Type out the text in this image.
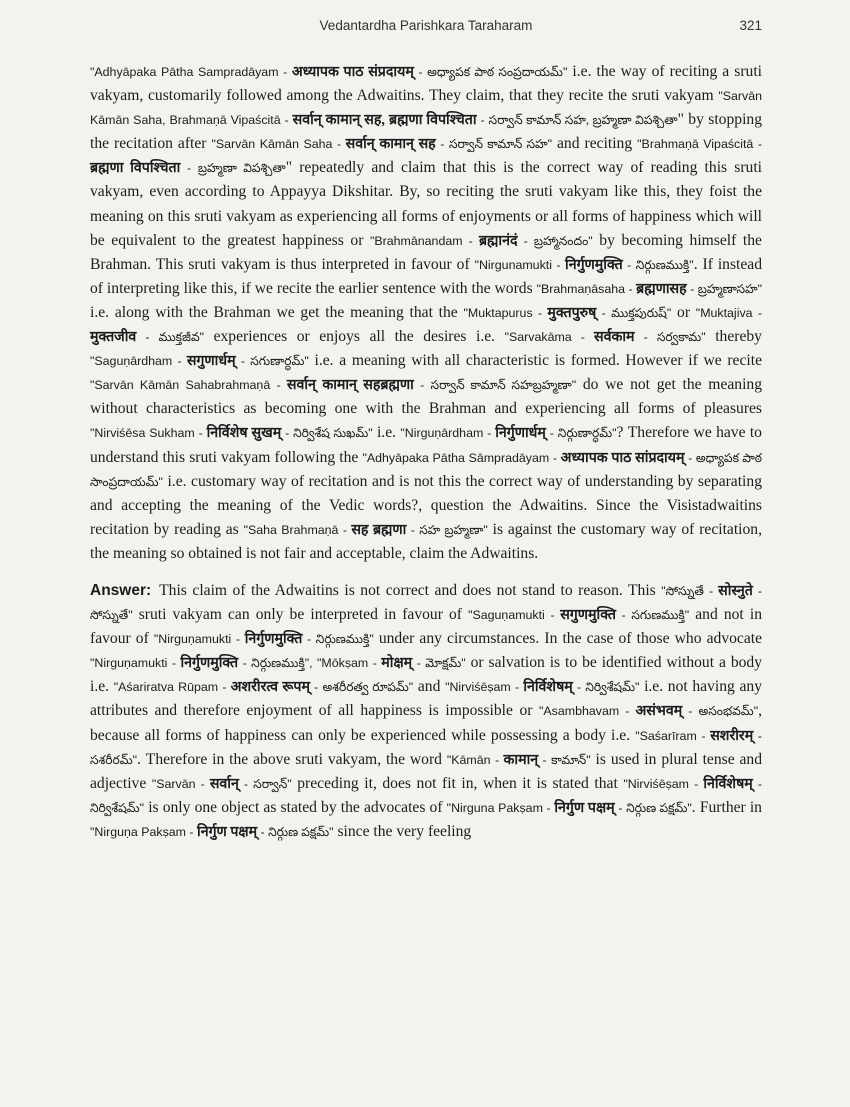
Vedantardha Parishkara Taraharam	321

"Adhyāpaka Pātha Sampradāyam - अध्यापक पाठ संप्रदायम् - అధ్యాపక పాఠ సంప్రదాయమ్" i.e. the way of reciting a sruti vakyam, customarily followed among the Adwaitins. They claim, that they recite the sruti vakyam "Sarvān Kāmān Saha, Brahmaṇā Vipaścitā - सर्वान् कामान् सह, ब्रह्मणा विपश्चिता - సర్వాన్ కామాన్ సహ, బ్రహ్మణా విపశ్చితా" by stopping the recitation after "Sarvān Kāmān Saha - सर्वान् कामान् सह - సర్వాన్ కామాన్ సహ" and reciting "Brahmaṇā Vipaścitā - ब्रह्मणा विपश्चिता - బ్రహ్మణా విపశ్చితా" repeatedly and claim that this is the correct way of reading this sruti vakyam, even according to Appayya Dikshitar. By, so reciting the sruti vakyam like this, they foist the meaning on this sruti vakyam as experiencing all forms of enjoyments or all forms of happiness which will be equivalent to the greatest happiness or "Brahmānandam - ब्रह्मानंदं - బ్రహ్మానందం" by becoming himself the Brahman. This sruti vakyam is thus interpreted in favour of "Nirgunamukti - निर्गुणमुक्ति - నిర్గుణముక్తి". If instead of interpreting like this, if we recite the earlier sentence with the words "Brahmaṇāsaha - ब्रह्मणासह - బ్రహ్మణాసహ" i.e. along with the Brahman we get the meaning that the "Muktapurus - मुक्तपुरुष् - ముక్తపురుష్" or "Muktajiva - मुक्तजीव - ముక్తజీవ" experiences or enjoys all the desires i.e. "Sarvakāma - सर्वकाम - సర్వకామ" thereby "Saguṇārdham - सगुणार्धम् - సగుణార్ధమ్" i.e. a meaning with all characteristic is formed. However if we recite "Sarvān Kāmān Sahabrahmaṇā - सर्वान् कामान् सहब्रह्मणा - సర్వాన్ కామాన్ సహబ్రహ్మణా" do we not get the meaning without characteristics as becoming one with the Brahman and experiencing all forms of pleasures "Nirviśēsa Sukham - निर्विशेष सुखम् - నిర్విశేష సుఖమ్" i.e. "Nirguṇārdham - निर्गुणार्धम् - నిర్గుణార్ధమ్"? Therefore we have to understand this sruti vakyam following the "Adhyāpaka Pātha Sāmpradāyam - अध्यापक पाठ सांप्रदायम् - అధ్యాపక పాఠ సాంప్రదాయమ్" i.e. customary way of recitation and is not this the correct way of understanding by separating and accepting the meaning of the Vedic words?, question the Adwaitins. Since the Visistadwaitins recitation by reading as "Saha Brahmaṇā - सह ब्रह्मणा - సహ బ్రహ్మణా" is against the customary way of recitation, the meaning so obtained is not fair and acceptable, claim the Adwaitins.

Answer: This claim of the Adwaitins is not correct and does not stand to reason. This "సోస్నుతే - सोस्नुते - సోస్నుతే" sruti vakyam can only be interpreted in favour of "Saguṇamukti - सगुणमुक्ति - సగుణముక్తి" and not in favour of "Nirguṇamukti - निर्गुणमुक्ति - నిర్గుణముక్తి" under any circumstances. In the case of those who advocate "Nirguṇamukti - निर्गुणमुक्ति - నిర్గుణముక్తి", "Mōkṣam - मोक्षम् - మోక్షమ్" or salvation is to be identified without a body i.e. "Aśariratva Rūpam - अशरीरत्व रूपम् - అశరీరత్వ రూపమ్" and "Nirviśēṣam - निर्विशेषम् - నిర్విశేషమ్" i.e. not having any attributes and therefore enjoyment of all happiness is impossible or "Asambhavam - असंभवम् - అసంభవమ్", because all forms of happiness can only be experienced while possessing a body i.e. "Saśarīram - सशरीरम् - సశరీరమ్". Therefore in the above sruti vakyam, the word "Kāmān - कामान् - కామాన్" is used in plural tense and adjective "Sarvān - सर्वान् - సర్వాన్" preceding it, does not fit in, when it is stated that "Nirviśēṣam - निर्विशेषम् - నిర్విశేషమ్" is only one object as stated by the advocates of "Nirguna Pakṣam - निर्गुण पक्षम् - నిర్గుణ పక్షమ్". Further in "Nirguṇa Pakṣam - निर्गुण पक्षम् - నిర్గుణ పక్షమ్" since the very feeling
